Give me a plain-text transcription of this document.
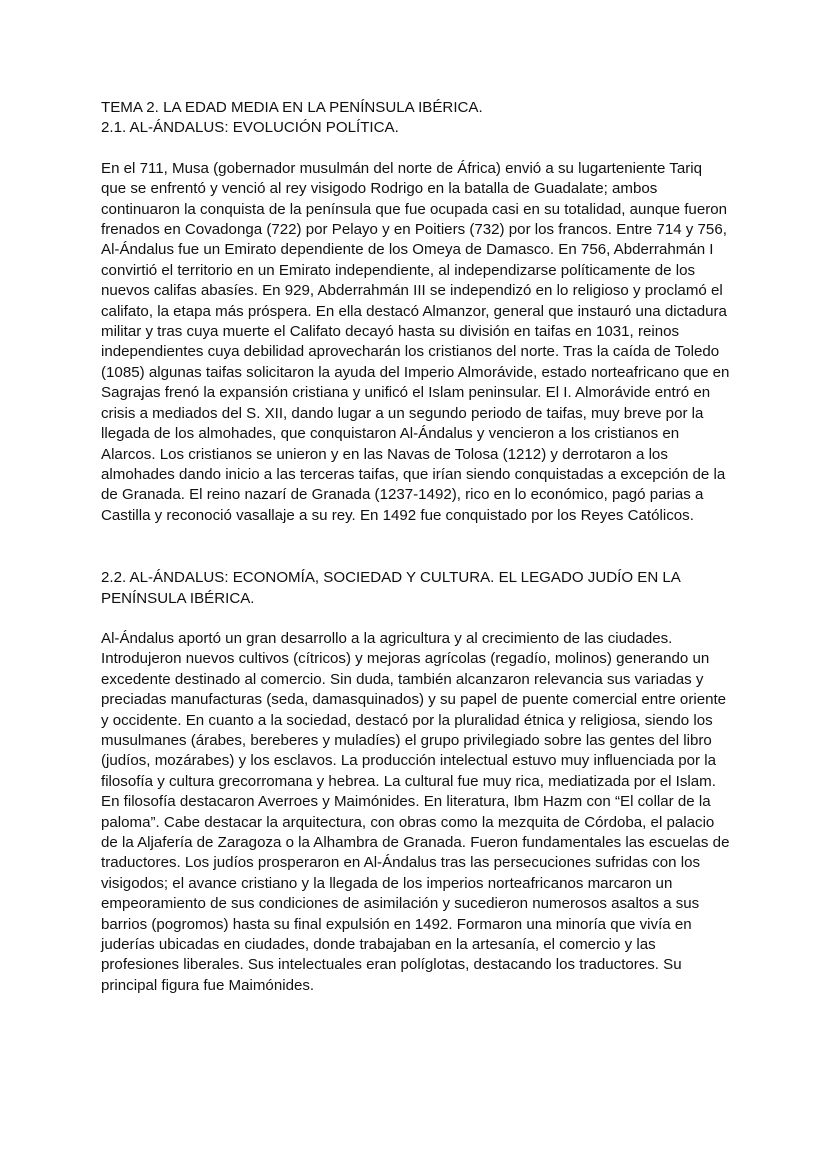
TEMA 2. LA EDAD MEDIA EN LA PENÍNSULA IBÉRICA.

2.1. AL-ÁNDALUS: EVOLUCIÓN POLÍTICA.

En el 711, Musa (gobernador musulmán del norte de África) envió a su lugarteniente Tariq que se enfrentó y venció al rey visigodo Rodrigo en la batalla de Guadalate; ambos continuaron la conquista de la península que fue ocupada casi en su totalidad, aunque fueron frenados en Covadonga (722) por Pelayo y en Poitiers (732) por los francos. Entre 714 y 756, Al-Ándalus fue un Emirato dependiente de los Omeya de Damasco. En 756, Abderrahmán I convirtió el territorio en un Emirato independiente, al independizarse políticamente de los nuevos califas abasíes. En 929, Abderrahmán III se independizó en lo religioso y proclamó el califato, la etapa más próspera. En ella destacó Almanzor, general que instauró una dictadura militar y tras cuya muerte el Califato decayó hasta su división en taifas en 1031, reinos independientes cuya debilidad aprovecharán los cristianos del norte. Tras la caída de Toledo (1085) algunas taifas solicitaron la ayuda del Imperio Almorávide, estado norteafricano que en Sagrajas frenó la expansión cristiana y unificó el Islam peninsular. El I. Almorávide entró en crisis a mediados del S. XII, dando lugar a un segundo periodo de taifas, muy breve por la llegada de los almohades, que conquistaron Al-Ándalus y vencieron a los cristianos en Alarcos. Los cristianos se unieron y en las Navas de Tolosa (1212) y derrotaron a los almohades dando inicio a las terceras taifas, que irían siendo conquistadas a excepción de la de Granada. El reino nazarí de Granada (1237-1492), rico en lo económico, pagó parias a Castilla y reconoció vasallaje a su rey. En 1492 fue conquistado por los Reyes Católicos.

2.2. AL-ÁNDALUS: ECONOMÍA, SOCIEDAD Y CULTURA. EL LEGADO JUDÍO EN LA PENÍNSULA IBÉRICA.

Al-Ándalus aportó un gran desarrollo a la agricultura y al crecimiento de las ciudades. Introdujeron nuevos cultivos (cítricos) y mejoras agrícolas (regadío, molinos) generando un excedente destinado al comercio. Sin duda, también alcanzaron relevancia sus variadas y preciadas manufacturas (seda, damasquinados) y su papel de puente comercial entre oriente y occidente. En cuanto a la sociedad, destacó por la pluralidad étnica y religiosa, siendo los musulmanes (árabes, bereberes y muladíes) el grupo privilegiado sobre las gentes del libro (judíos, mozárabes) y los esclavos. La producción intelectual estuvo muy influenciada por la filosofía y cultura grecorromana y hebrea. La cultural fue muy rica, mediatizada por el Islam. En filosofía destacaron Averroes y Maimónides. En literatura, Ibm Hazm con “El collar de la paloma”. Cabe destacar la arquitectura, con obras como la mezquita de Córdoba, el palacio de la Aljafería de Zaragoza o la Alhambra de Granada. Fueron fundamentales las escuelas de traductores. Los judíos prosperaron en Al-Ándalus tras las persecuciones sufridas con los visigodos; el avance cristiano y la llegada de los imperios norteafricanos marcaron un empeoramiento de sus condiciones de asimilación y sucedieron numerosos asaltos a sus barrios (pogromos) hasta su final expulsión en 1492. Formaron una minoría que vivía en juderías ubicadas en ciudades, donde trabajaban en la artesanía, el comercio y las profesiones liberales. Sus intelectuales eran políglotas, destacando los traductores. Su principal figura fue Maimónides.
